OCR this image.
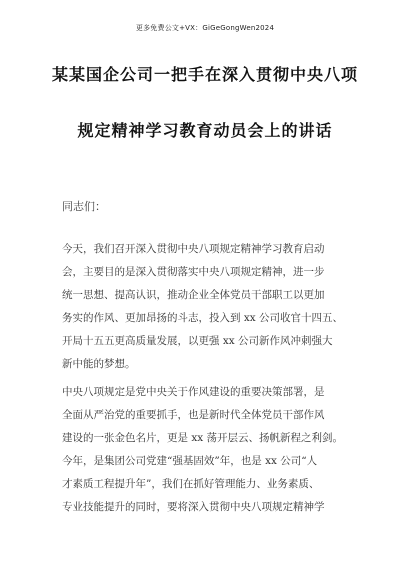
更多免费公文+VX：GiGeGongWen2024
某某国企公司一把手在深入贯彻中央八项
规定精神学习教育动员会上的讲话
同志们：
今天，我们召开深入贯彻中央八项规定精神学习教育启动
会，主要目的是深入贯彻落实中央八项规定精神，进一步
统一思想、提高认识，推动企业全体党员干部职工以更加
务实的作风、更加昂扬的斗志，投入到 xx 公司收官十四五、
开局十五五更高质量发展，以更强 xx 公司新作风冲刺强大
新中能的梦想。
中央八项规定是党中央关于作风建设的重要决策部署，是
全面从严治党的重要抓手，也是新时代全体党员干部作风
建设的一张金色名片，更是 xx 荡开层云、扬帆新程之利剑。
今年，是集团公司党建“强基固效”年，也是 xx 公司“人
才素质工程提升年”，我们在抓好管理能力、业务素质、
专业技能提升的同时，要将深入贯彻中央八项规定精神学
